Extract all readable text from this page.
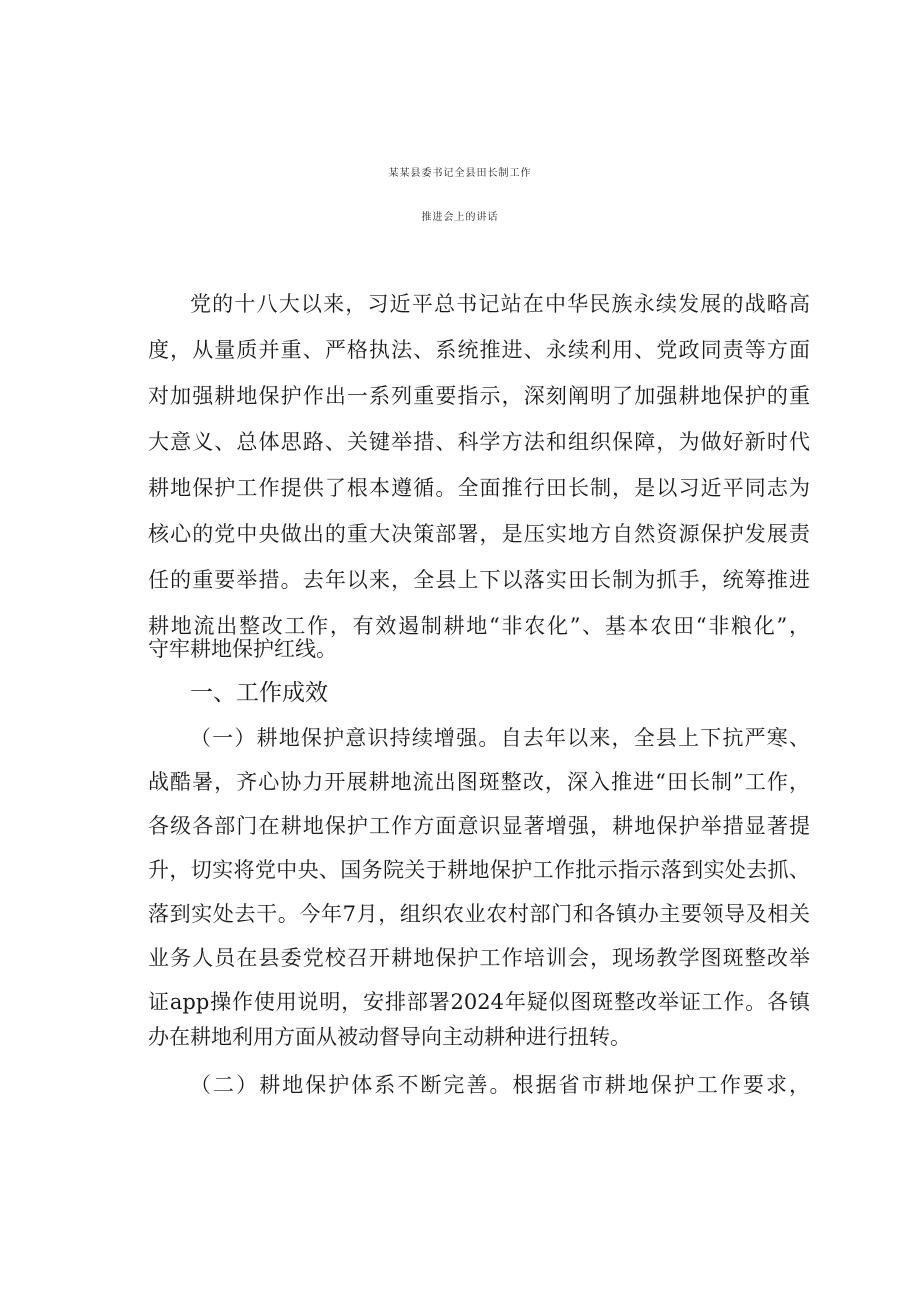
某某县委书记全县田长制工作
推进会上的讲话
党的十八大以来，习近平总书记站在中华民族永续发展的战略高
度，从量质并重、严格执法、系统推进、永续利用、党政同责等方面
对加强耕地保护作出一系列重要指示，深刻阐明了加强耕地保护的重
大意义、总体思路、关键举措、科学方法和组织保障，为做好新时代
耕地保护工作提供了根本遵循。全面推行田长制，是以习近平同志为
核心的党中央做出的重大决策部署，是压实地方自然资源保护发展责
任的重要举措。去年以来，全县上下以落实田长制为抓手，统筹推进
耕地流出整改工作，有效遏制耕地“非农化”、基本农田“非粮化”，
守牢耕地保护红线。
一、工作成效
（一）耕地保护意识持续增强。自去年以来，全县上下抗严寒、
战酷暑，齐心协力开展耕地流出图斑整改，深入推进“田长制”工作，
各级各部门在耕地保护工作方面意识显著增强，耕地保护举措显著提
升，切实将党中央、国务院关于耕地保护工作批示指示落到实处去抓、
落到实处去干。今年7月，组织农业农村部门和各镇办主要领导及相关
业务人员在县委党校召开耕地保护工作培训会，现场教学图斑整改举
证app操作使用说明，安排部署2024年疑似图斑整改举证工作。各镇
办在耕地利用方面从被动督导向主动耕种进行扭转。
（二）耕地保护体系不断完善。根据省市耕地保护工作要求，
